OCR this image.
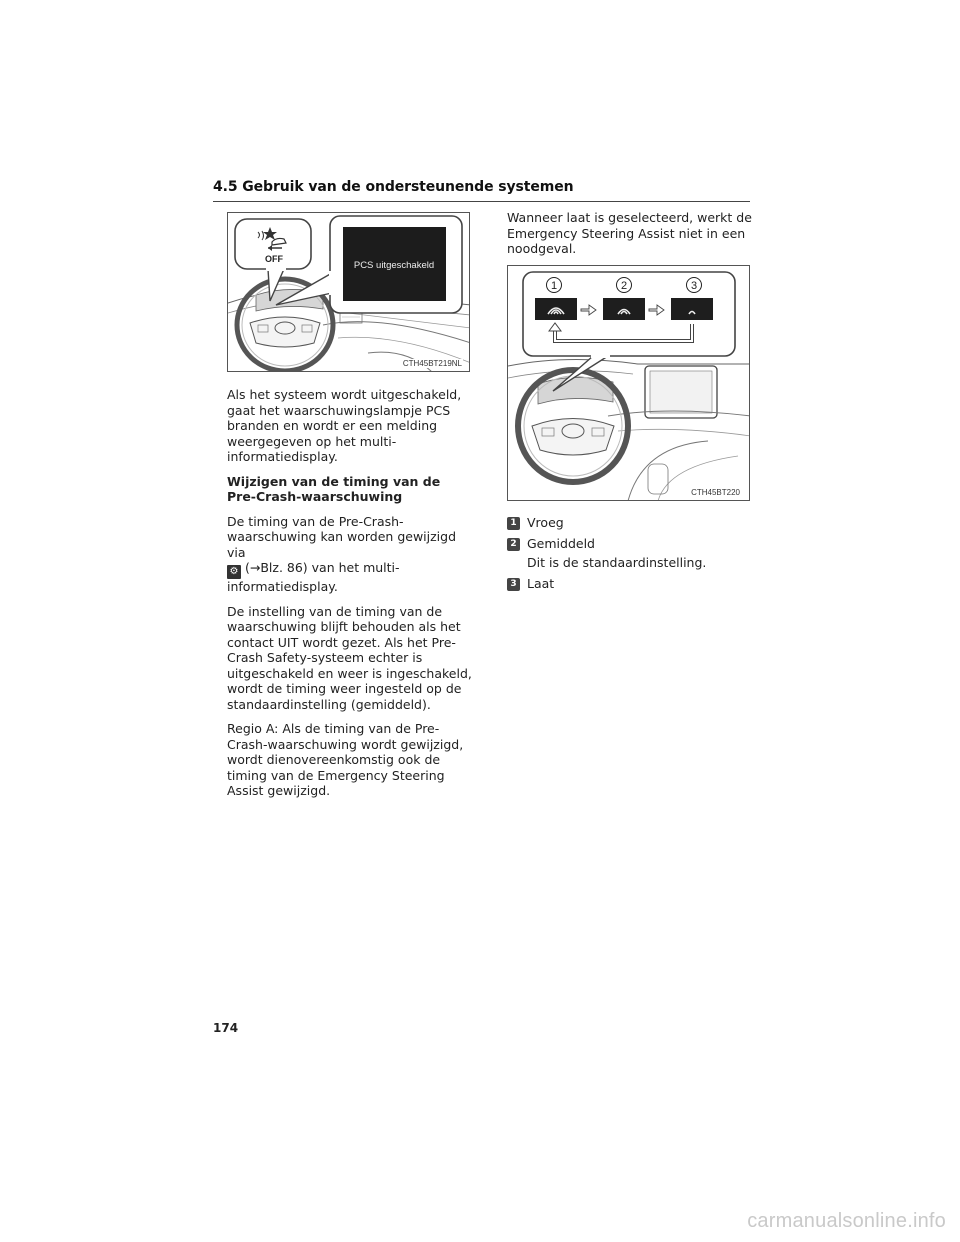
4.5 Gebruik van de ondersteunende systemen
OFF
PCS uitgeschakeld
CTH45BT219NL

Als het systeem wordt uitgeschakeld, gaat het waarschuwingslampje PCS branden en wordt er een melding weergegeven op het multi-informatiedisplay.

Wijzigen van de timing van de Pre-Crash-waarschuwing

De timing van de Pre-Crash-waarschuwing kan worden gewijzigd via
⚙ (→Blz. 86) van het multi-informatiedisplay.

De instelling van de timing van de waarschuwing blijft behouden als het contact UIT wordt gezet. Als het Pre-Crash Safety-systeem echter is uitgeschakeld en weer is ingeschakeld, wordt de timing weer ingesteld op de standaardinstelling (gemiddeld).

Regio A: Als de timing van de Pre-Crash-waarschuwing wordt gewijzigd, wordt dienovereenkomstig ook de timing van de Emergency Steering Assist gewijzigd.

Wanneer laat is geselecteerd, werkt de Emergency Steering Assist niet in een noodgeval.

1	2	3
CTH45BT220
1 Vroeg
2 Gemiddeld
Dit is de standaardinstelling.
3 Laat
174
carmanualsonline.info
